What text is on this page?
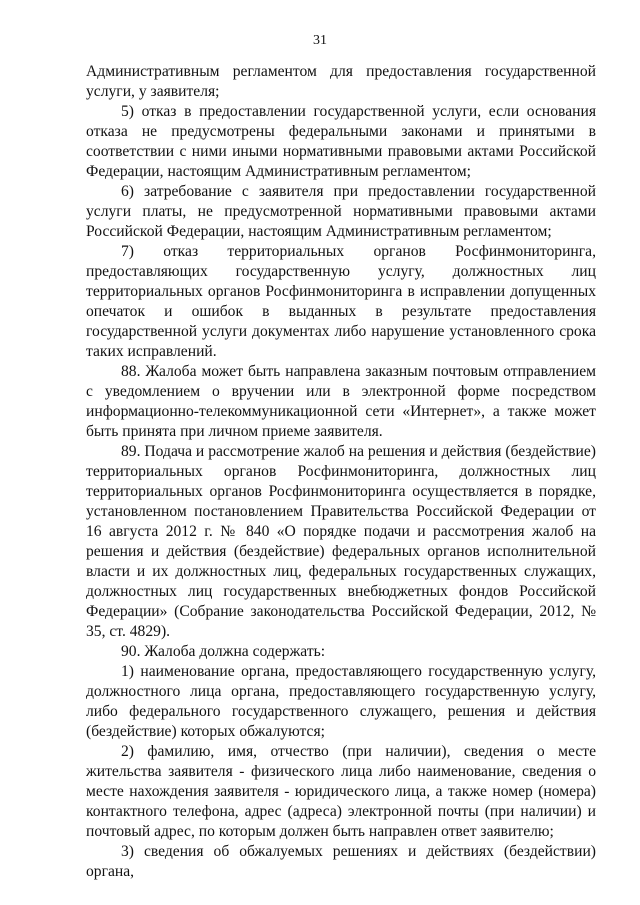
31

Административным регламентом для предоставления государственной услуги, у заявителя;

5) отказ в предоставлении государственной услуги, если основания отказа не предусмотрены федеральными законами и принятыми в соответствии с ними иными нормативными правовыми актами Российской Федерации, настоящим Административным регламентом;

6) затребование с заявителя при предоставлении государственной услуги платы, не предусмотренной нормативными правовыми актами Российской Федерации, настоящим Административным регламентом;

7) отказ территориальных органов Росфинмониторинга, предоставляющих государственную услугу, должностных лиц территориальных органов Росфинмониторинга в исправлении допущенных опечаток и ошибок в выданных в результате предоставления государственной услуги документах либо нарушение установленного срока таких исправлений.

88. Жалоба может быть направлена заказным почтовым отправлением с уведомлением о вручении или в электронной форме посредством информационно-телекоммуникационной сети «Интернет», а также может быть принята при личном приеме заявителя.

89. Подача и рассмотрение жалоб на решения и действия (бездействие) территориальных органов Росфинмониторинга, должностных лиц территориальных органов Росфинмониторинга осуществляется в порядке, установленном постановлением Правительства Российской Федерации от 16 августа 2012 г. № 840 «О порядке подачи и рассмотрения жалоб на решения и действия (бездействие) федеральных органов исполнительной власти и их должностных лиц, федеральных государственных служащих, должностных лиц государственных внебюджетных фондов Российской Федерации» (Собрание законодательства Российской Федерации, 2012, № 35, ст. 4829).

90. Жалоба должна содержать:

1) наименование органа, предоставляющего государственную услугу, должностного лица органа, предоставляющего государственную услугу, либо федерального государственного служащего, решения и действия (бездействие) которых обжалуются;

2) фамилию, имя, отчество (при наличии), сведения о месте жительства заявителя - физического лица либо наименование, сведения о месте нахождения заявителя - юридического лица, а также номер (номера) контактного телефона, адрес (адреса) электронной почты (при наличии) и почтовый адрес, по которым должен быть направлен ответ заявителю;

3) сведения об обжалуемых решениях и действиях (бездействии) органа,
